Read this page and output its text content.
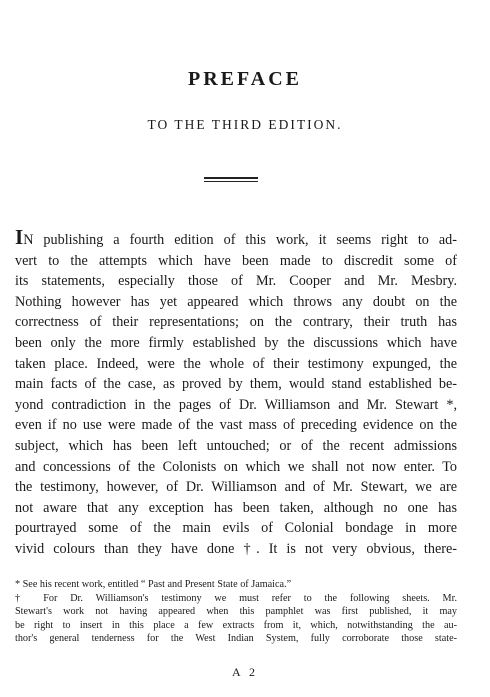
PREFACE
TO THE THIRD EDITION.
IN publishing a fourth edition of this work, it seems right to ad-
vert to the attempts which have been made to discredit some of
its statements, especially those of Mr. Cooper and Mr. Mesbry.
Nothing however has yet appeared which throws any doubt on the
correctness of their representations; on the contrary, their truth has
been only the more firmly established by the discussions which have
taken place. Indeed, were the whole of their testimony expunged, the
main facts of the case, as proved by them, would stand established be-
yond contradiction in the pages of Dr. Williamson and Mr. Stewart *,
even if no use were made of the vast mass of preceding evidence on the
subject, which has been left untouched; or of the recent admissions
and concessions of the Colonists on which we shall not now enter. To
the testimony, however, of Dr. Williamson and of Mr. Stewart, we are
not aware that any exception has been taken, although no one has
pourtrayed some of the main evils of Colonial bondage in more
vivid colours than they have done †. It is not very obvious, there-
* See his recent work, entitled “ Past and Present State of Jamaica.”
† For Dr. Williamson's testimony we must refer to the following sheets. Mr.
Stewart's work not having appeared when this pamphlet was first published, it may
be right to insert in this place a few extracts from it, which, notwithstanding the au-
thor's general tenderness for the West Indian System, fully corroborate those state-
A 2
